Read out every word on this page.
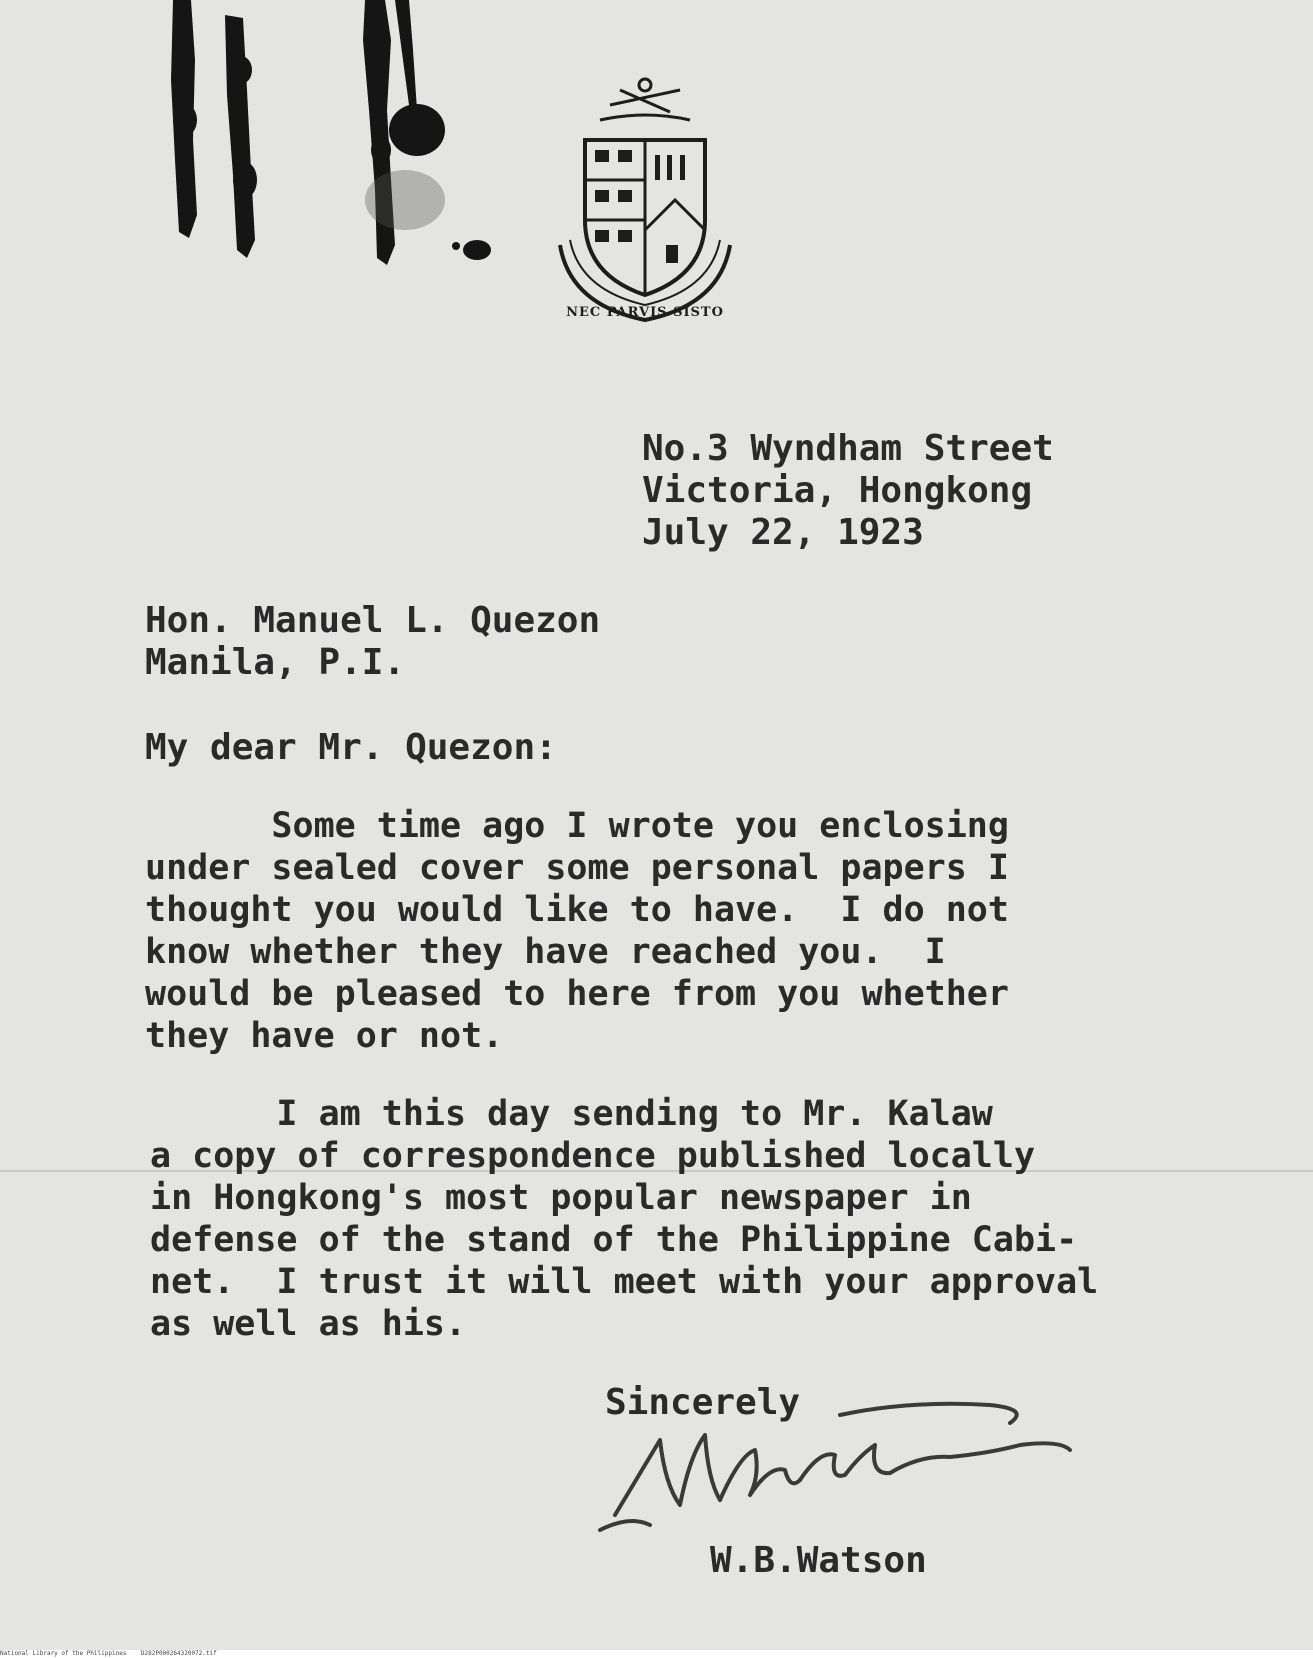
NEC PARVIS SISTO
No.3 Wyndham Street
Victoria, Hongkong
July 22, 1923
Hon. Manuel L. Quezon
Manila, P.I.
My dear Mr. Quezon:
Some time ago I wrote you enclosing
under sealed cover some personal papers I
thought you would like to have.  I do not
know whether they have reached you.  I
would be pleased to here from you whether
they have or not.
I am this day sending to Mr. Kalaw
a copy of correspondence published locally
in Hongkong's most popular newspaper in
defense of the stand of the Philippine Cabi-
net.  I trust it will meet with your approval
as well as his.
Sincerely
W.B.Watson
National Library of the Philippines    D282P000264320072.tif
